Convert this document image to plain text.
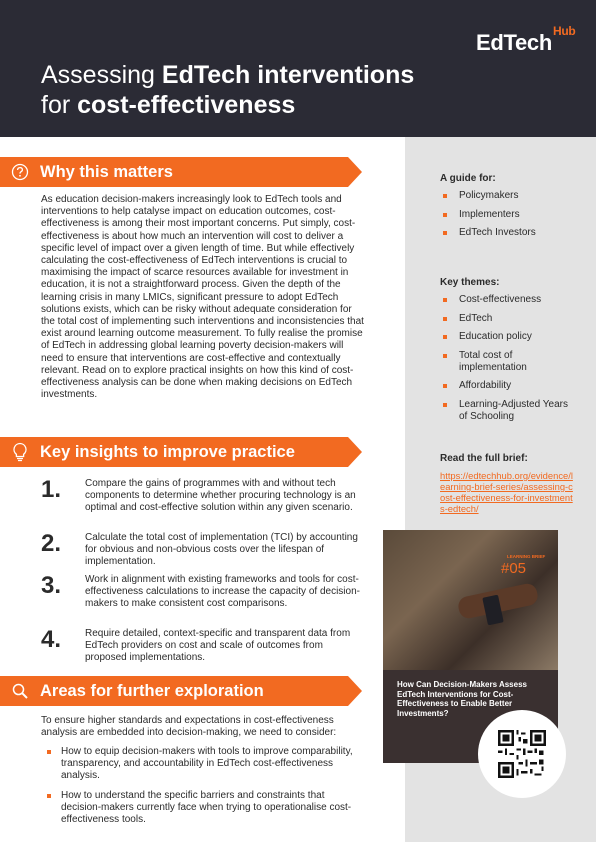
EdTech Hub
Assessing EdTech interventions
for cost-effectiveness
Why this matters
As education decision-makers increasingly look to EdTech tools and interventions to help catalyse impact on education outcomes, cost-effectiveness is among their most important concerns. Put simply, cost-effectiveness is about how much an intervention will cost to deliver a specific level of impact over a given length of time. But while effectively calculating the cost-effectiveness of EdTech interventions is crucial to maximising the impact of scarce resources available for investment in education, it is not a straightforward process. Given the depth of the learning crisis in many LMICs, significant pressure to adopt EdTech solutions exists, which can be risky without adequate consideration for the total cost of implementing such interventions and inconsistencies that exist around learning outcome measurement. To fully realise the promise of EdTech in addressing global learning poverty decision-makers will need to ensure that interventions are cost-effective and contextually relevant. Read on to explore practical insights on how this kind of cost-effectiveness analysis can be done when making decisions on EdTech investments.
Key insights to improve practice
1.	Compare the gains of programmes with and without tech components to determine whether procuring technology is an optimal and cost-effective solution within any given scenario.
2.	Calculate the total cost of implementation (TCI) by accounting for obvious and non-obvious costs over the lifespan of implementation.
3.	Work in alignment with existing frameworks and tools for cost-effectiveness calculations to increase the capacity of decision-makers to make consistent cost comparisons.
4.	Require detailed, context-specific and transparent data from EdTech providers on cost and scale of outcomes from proposed implementations.
Areas for further exploration
To ensure higher standards and expectations in cost-effectiveness analysis are embedded into decision-making, we need to consider:
How to equip decision-makers with tools to improve comparability, transparency, and accountability in EdTech cost-effectiveness analysis.
How to understand the specific barriers and constraints that decision-makers currently face when trying to operationalise cost-effectiveness tools.
A guide for:
Policymakers
Implementers
EdTech Investors
Key themes:
Cost-effectiveness
EdTech
Education policy
Total cost of implementation
Affordability
Learning-Adjusted Years of Schooling
Read the full brief:
https://edtechhub.org/evidence/learning-brief-series/assessing-cost-effectiveness-for-investments-edtech/
LEARNING BRIEF
#05
How Can Decision-Makers Assess EdTech Interventions for Cost-Effectiveness to Enable Better Investments?
